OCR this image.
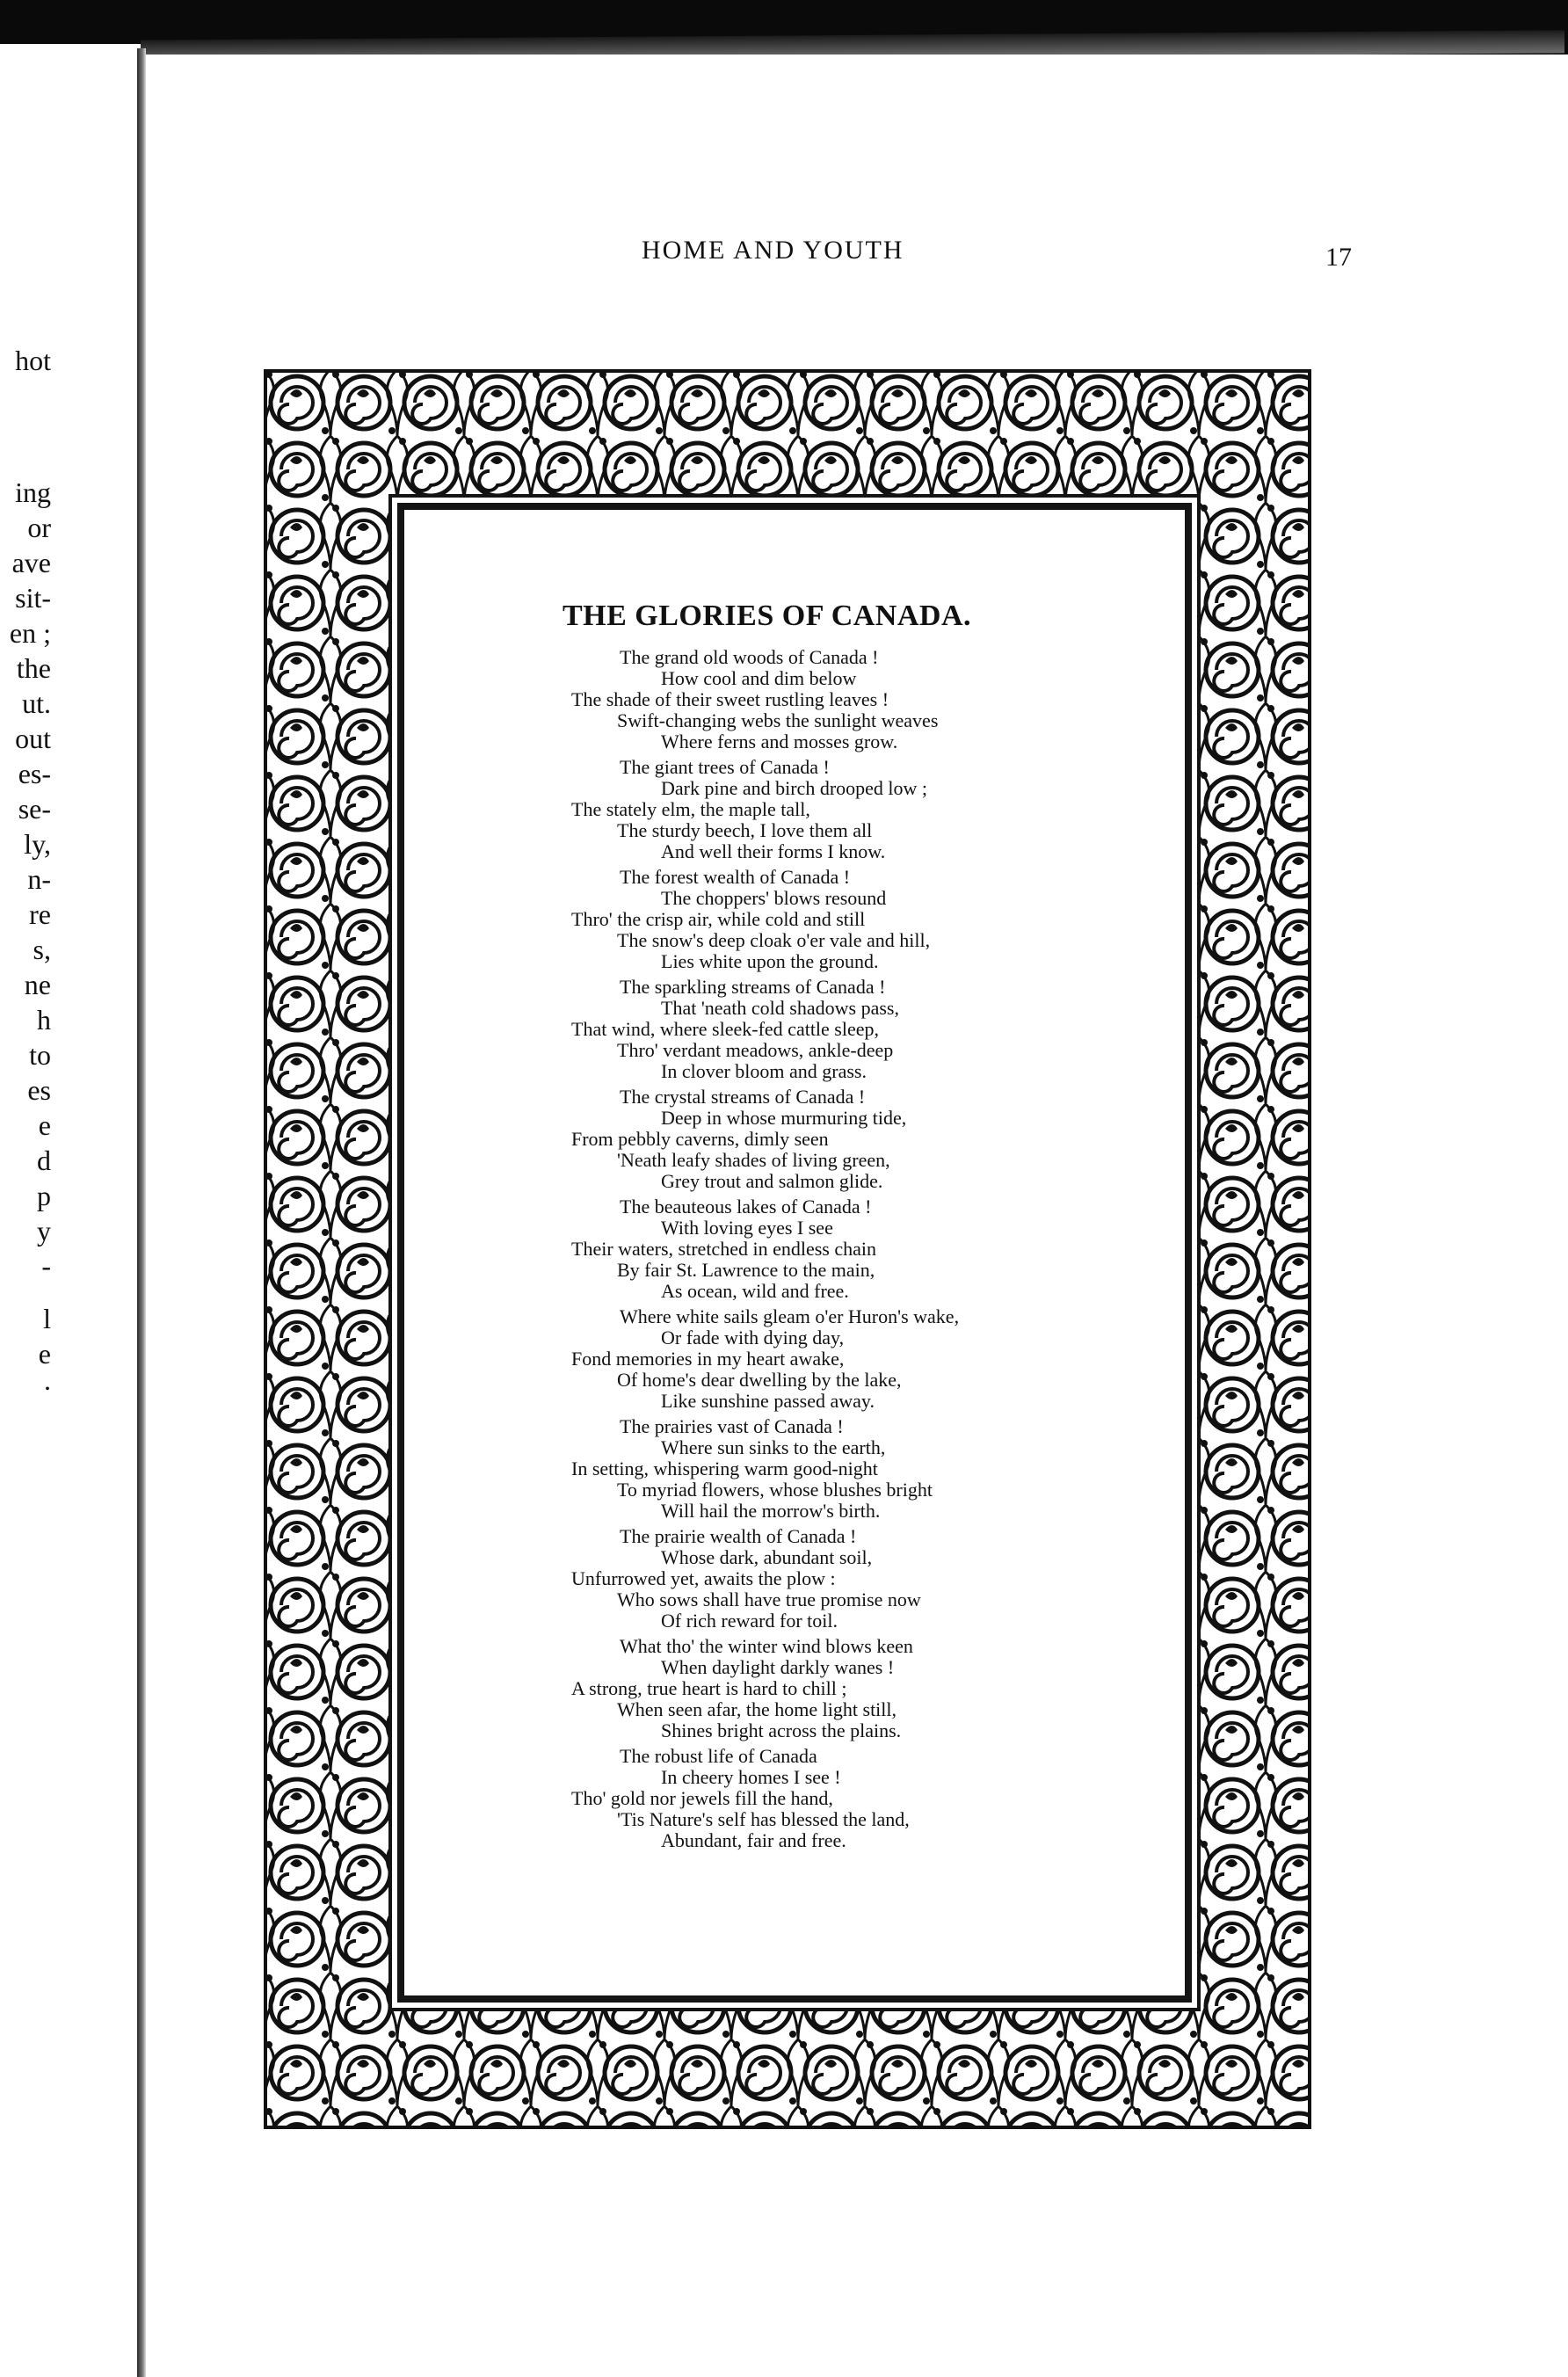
hot
ing
or
ave
sit-
en ;
the
ut.
out
es-
se-
ly,
n-
re
s,
ne
h
to
es
e
d
p
y
-
l
e
.
HOME AND YOUTH	17
THE GLORIES OF CANADA.
The grand old woods of Canada !
How cool and dim below
The shade of their sweet rustling leaves !
Swift-changing webs the sunlight weaves
Where ferns and mosses grow.
The giant trees of Canada !
Dark pine and birch drooped low ;
The stately elm, the maple tall,
The sturdy beech, I love them all
And well their forms I know.
The forest wealth of Canada !
The choppers' blows resound
Thro' the crisp air, while cold and still
The snow's deep cloak o'er vale and hill,
Lies white upon the ground.
The sparkling streams of Canada !
That 'neath cold shadows pass,
That wind, where sleek-fed cattle sleep,
Thro' verdant meadows, ankle-deep
In clover bloom and grass.
The crystal streams of Canada !
Deep in whose murmuring tide,
From pebbly caverns, dimly seen
'Neath leafy shades of living green,
Grey trout and salmon glide.
The beauteous lakes of Canada !
With loving eyes I see
Their waters, stretched in endless chain
By fair St. Lawrence to the main,
As ocean, wild and free.
Where white sails gleam o'er Huron's wake,
Or fade with dying day,
Fond memories in my heart awake,
Of home's dear dwelling by the lake,
Like sunshine passed away.
The prairies vast of Canada !
Where sun sinks to the earth,
In setting, whispering warm good-night
To myriad flowers, whose blushes bright
Will hail the morrow's birth.
The prairie wealth of Canada !
Whose dark, abundant soil,
Unfurrowed yet, awaits the plow :
Who sows shall have true promise now
Of rich reward for toil.
What tho' the winter wind blows keen
When daylight darkly wanes !
A strong, true heart is hard to chill ;
When seen afar, the home light still,
Shines bright across the plains.
The robust life of Canada
In cheery homes I see !
Tho' gold nor jewels fill the hand,
'Tis Nature's self has blessed the land,
Abundant, fair and free.
